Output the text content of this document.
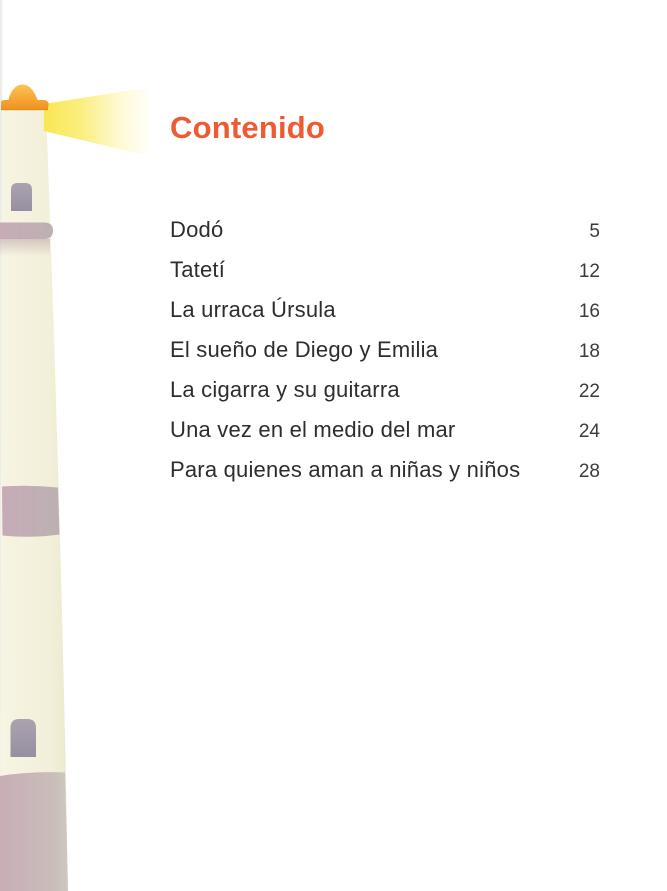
Contenido
Dodó	5
Tatetí	12
La urraca Úrsula	16
El sueño de Diego y Emilia	18
La cigarra y su guitarra	22
Una vez en el medio del mar	24
Para quienes aman a niñas y niños	28
